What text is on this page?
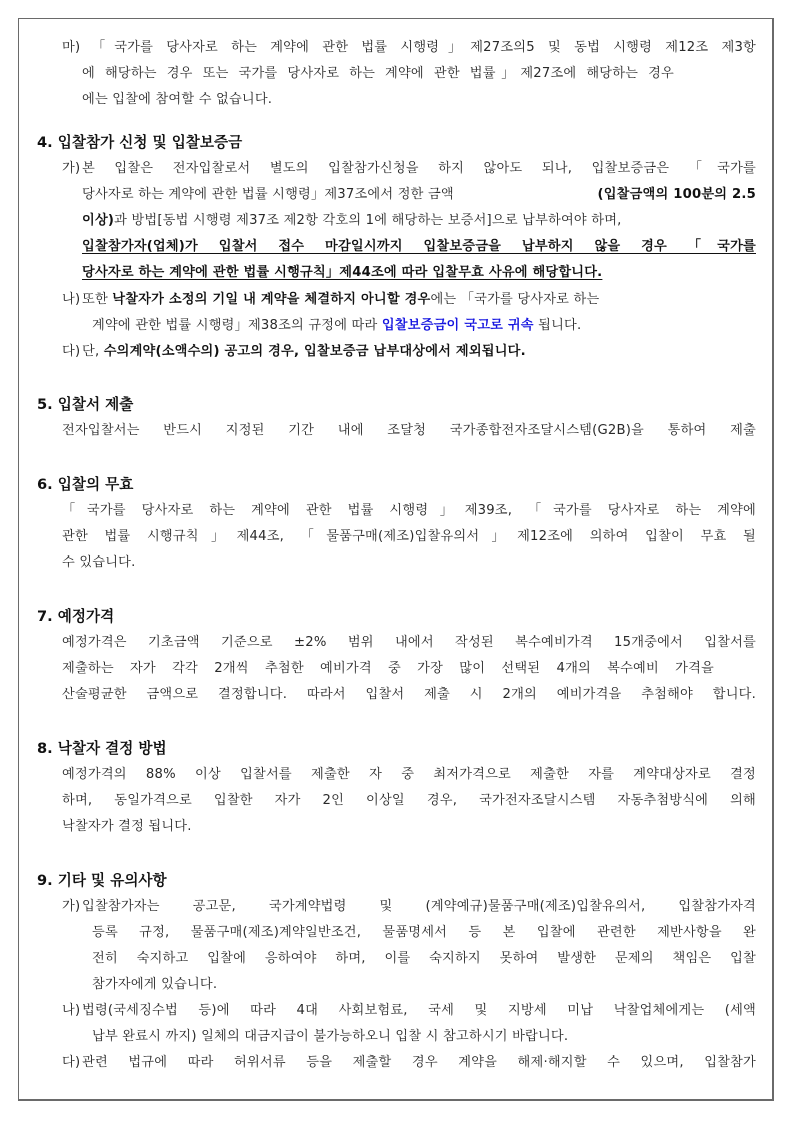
마) 「국가를 당사자로 하는 계약에 관한 법률 시행령」제27조의5 및 동법 시행령 제12조 제3항
에 해당하는 경우 또는 국가를 당사자로 하는 계약에 관한 법률」제27조에 해당하는 경우
에는 입찰에 참여할 수 없습니다.
4. 입찰참가 신청 및 입찰보증금
가) 본 입찰은 전자입찰로서 별도의 입찰참가신청을 하지 않아도 되나, 입찰보증금은 「국가를
당사자로 하는 계약에 관한 법률 시행령」제37조에서 정한 금액	(입찰금액의 100분의 2.5
이상)과 방법[동법 시행령 제37조 제2항 각호의 1에 해당하는 보증서]으로 납부하여야 하며,
입찰참가자(업체)가 입찰서 접수 마감일시까지 입찰보증금을 납부하지 않을 경우 「국가를
당사자로 하는 계약에 관한 법률 시행규칙」제44조에 따라 입찰무효 사유에 해당합니다.
나) 또한 낙찰자가 소정의 기일 내 계약을 체결하지 아니할 경우에는 「국가를 당사자로 하는
계약에 관한 법률 시행령」제38조의 규정에 따라 입찰보증금이 국고로 귀속 됩니다.
다) 단, 수의계약(소액수의) 공고의 경우, 입찰보증금 납부대상에서 제외됩니다.
5. 입찰서 제출
전자입찰서는 반드시 지정된 기간 내에 조달청 국가종합전자조달시스템(G2B)을 통하여 제출
6. 입찰의 무효
「국가를 당사자로 하는 계약에 관한 법률 시행령」제39조, 「국가를 당사자로 하는 계약에
관한 법률 시행규칙」제44조, 「물품구매(제조)입찰유의서」제12조에 의하여 입찰이 무효 될
수 있습니다.
7. 예정가격
예정가격은 기초금액 기준으로 ±2% 범위 내에서 작성된 복수예비가격 15개중에서 입찰서를
제출하는 자가 각각 2개씩 추첨한 예비가격 중 가장 많이 선택된 4개의 복수예비 가격을
산술평균한 금액으로 결정합니다. 따라서 입찰서 제출 시 2개의 예비가격을 추첨해야 합니다.
8. 낙찰자 결정 방법
예정가격의 88% 이상 입찰서를 제출한 자 중 최저가격으로 제출한 자를 계약대상자로 결정
하며, 동일가격으로 입찰한 자가 2인 이상일 경우, 국가전자조달시스템 자동추첨방식에 의해
낙찰자가 결정 됩니다.
9. 기타 및 유의사항
가) 입찰참가자는 공고문, 국가계약법령 및 (계약예규)물품구매(제조)입찰유의서, 입찰참가자격
등록 규정, 물품구매(제조)계약일반조건, 물품명세서 등 본 입찰에 관련한 제반사항을 완
전히 숙지하고 입찰에 응하여야 하며, 이를 숙지하지 못하여 발생한 문제의 책임은 입찰
참가자에게 있습니다.
나) 법령(국세징수법 등)에 따라 4대 사회보험료, 국세 및 지방세 미납 낙찰업체에게는 (세액
납부 완료시 까지) 일체의 대금지급이 불가능하오니 입찰 시 참고하시기 바랍니다.
다) 관련 법규에 따라 허위서류 등을 제출할 경우 계약을 해제·해지할 수 있으며, 입찰참가
